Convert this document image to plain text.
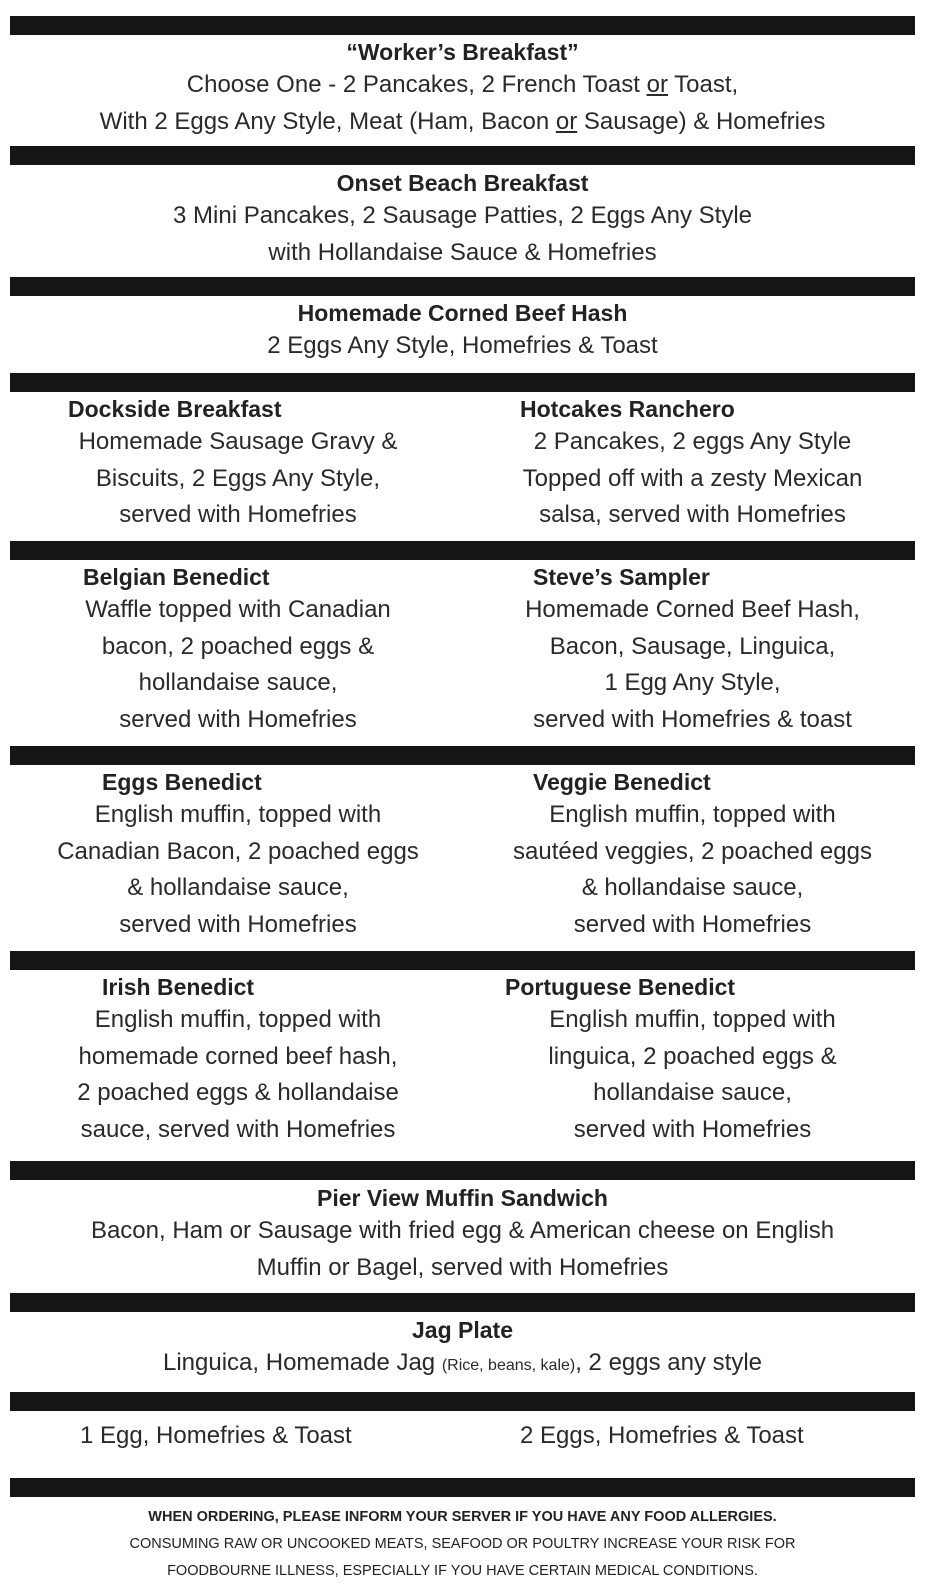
“Worker’s Breakfast”
Choose One - 2 Pancakes, 2 French Toast or Toast,
With 2 Eggs Any Style, Meat (Ham, Bacon or Sausage) & Homefries
Onset Beach Breakfast
3 Mini Pancakes, 2 Sausage Patties, 2 Eggs Any Style
with Hollandaise Sauce & Homefries
Homemade Corned Beef Hash
2 Eggs Any Style, Homefries & Toast
Dockside Breakfast
Homemade Sausage Gravy &
Biscuits, 2 Eggs Any Style,
served with Homefries
Hotcakes Ranchero
2 Pancakes, 2 eggs Any Style
Topped off with a zesty Mexican
salsa, served with Homefries
Belgian Benedict
Waffle topped with Canadian
bacon, 2 poached eggs &
hollandaise sauce,
served with Homefries
Steve’s Sampler
Homemade Corned Beef Hash,
Bacon, Sausage, Linguica,
1 Egg Any Style,
served with Homefries & toast
Eggs Benedict
English muffin, topped with
Canadian Bacon, 2 poached eggs
& hollandaise sauce,
served with Homefries
Veggie Benedict
English muffin, topped with
sautéed veggies, 2 poached eggs
& hollandaise sauce,
served with Homefries
Irish Benedict
English muffin, topped with
homemade corned beef hash,
2 poached eggs & hollandaise
sauce, served with Homefries
Portuguese Benedict
English muffin, topped with
linguica, 2 poached eggs &
hollandaise sauce,
served with Homefries
Pier View Muffin Sandwich
Bacon, Ham or Sausage with fried egg & American cheese on English
Muffin or Bagel, served with Homefries
Jag Plate
Linguica, Homemade Jag (Rice, beans, kale), 2 eggs any style
1 Egg, Homefries & Toast	2 Eggs, Homefries & Toast
WHEN ORDERING, PLEASE INFORM YOUR SERVER IF YOU HAVE ANY FOOD ALLERGIES.
CONSUMING RAW OR UNCOOKED MEATS, SEAFOOD OR POULTRY INCREASE YOUR RISK FOR
FOODBOURNE ILLNESS, ESPECIALLY IF YOU HAVE CERTAIN MEDICAL CONDITIONS.
